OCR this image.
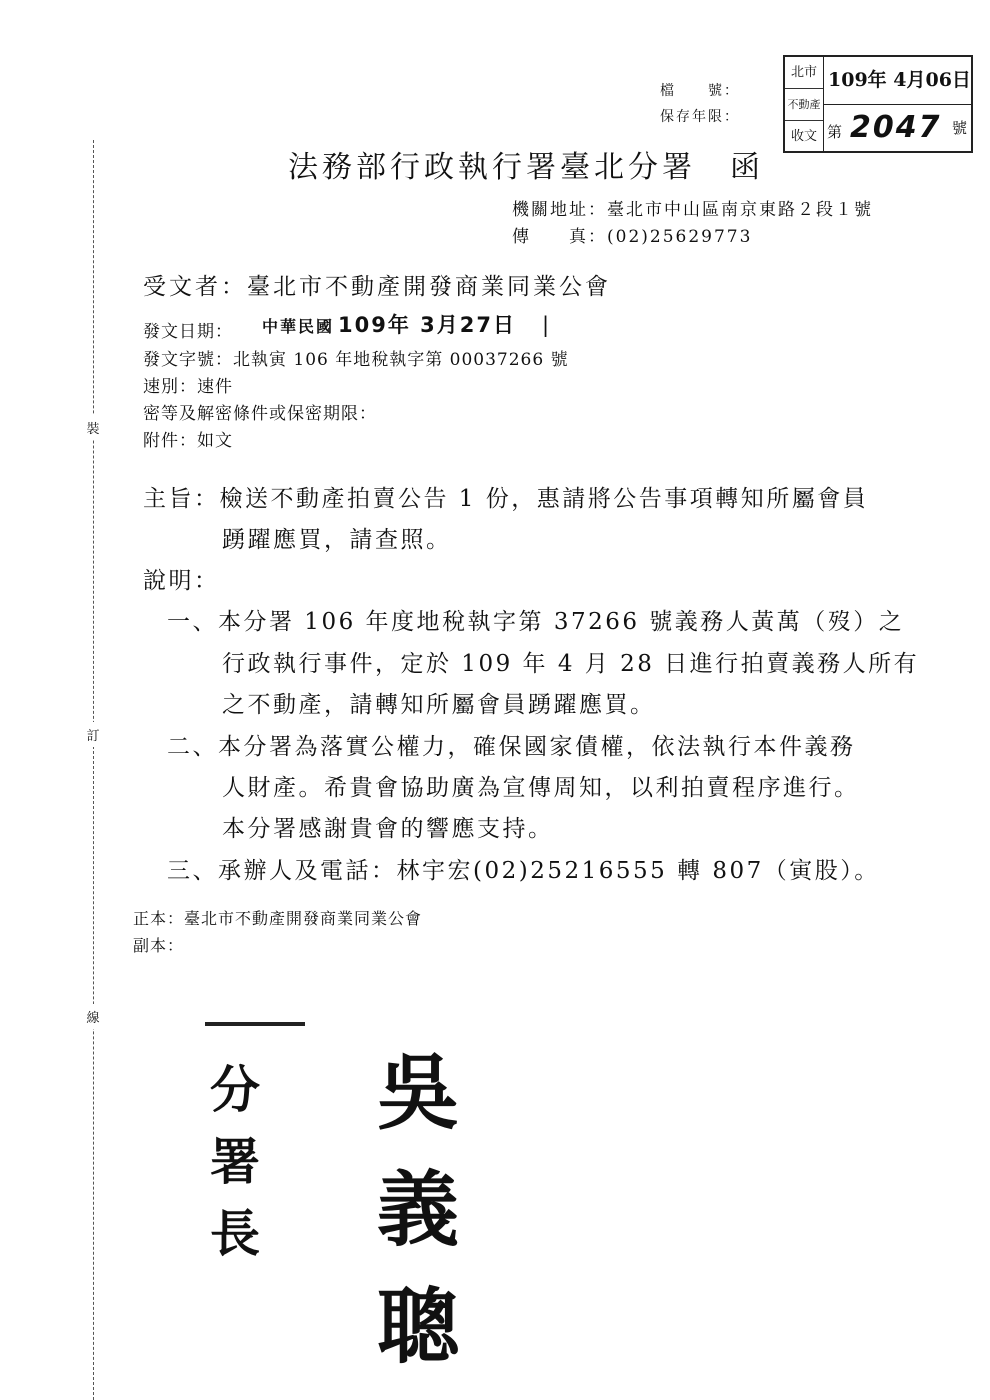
裝
訂
線
檔　　號：
保存年限：
北市
不動產
收文
109年 4月06日
第 2047 號
法務部行政執行署臺北分署　函
機關地址：臺北市中山區南京東路２段１號
傳　　真：(02)25629773
受文者：臺北市不動產開發商業同業公會
發文日期： 中華民國 109年 3月27日 |
發文字號：北執寅 106 年地稅執字第 00037266 號
速別：速件
密等及解密條件或保密期限：
附件：如文
主旨：檢送不動產拍賣公告 1 份，惠請將公告事項轉知所屬會員
踴躍應買，請查照。
說明：
一、本分署 106 年度地稅執字第 37266 號義務人黃萬（歿）之
行政執行事件，定於 109 年 4 月 28 日進行拍賣義務人所有
之不動產，請轉知所屬會員踴躍應買。
二、本分署為落實公權力，確保國家債權，依法執行本件義務
人財產。希貴會協助廣為宣傳周知，以利拍賣程序進行。
本分署感謝貴會的響應支持。
三、承辦人及電話：林宇宏(02)25216555 轉 807（寅股）。
正本：臺北市不動產開發商業同業公會
副本：
分署長
吳義聰
